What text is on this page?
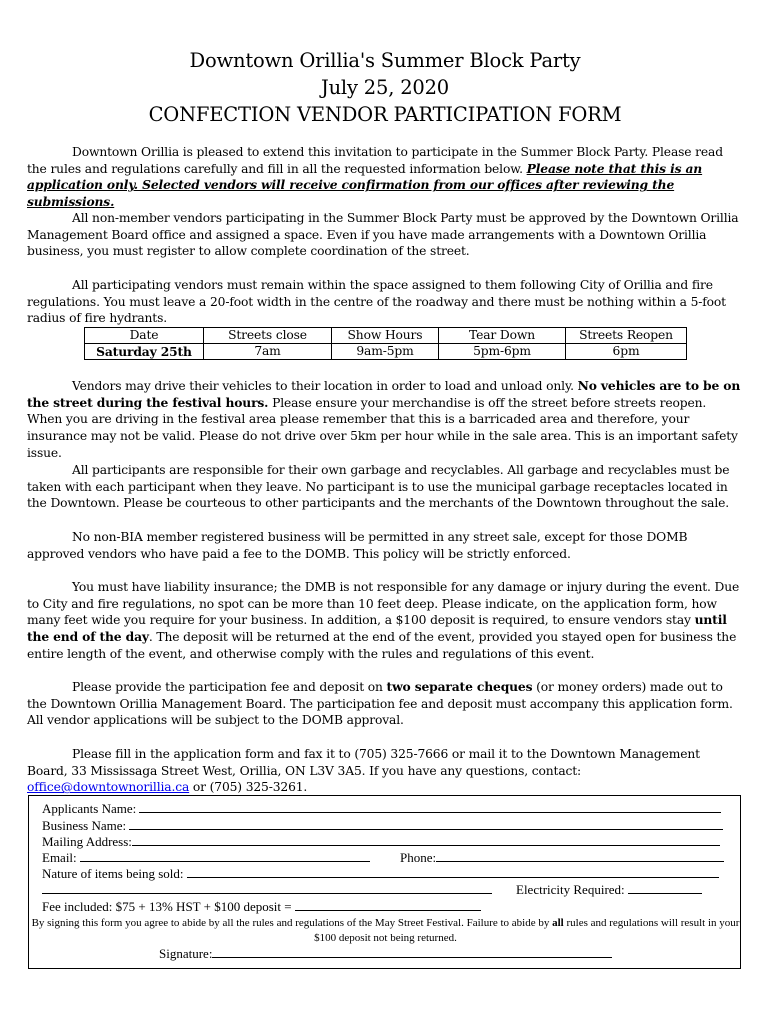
Downtown Orillia's Summer Block Party
July 25, 2020
CONFECTION VENDOR PARTICIPATION FORM
Downtown Orillia is pleased to extend this invitation to participate in the Summer Block Party. Please read the rules and regulations carefully and fill in all the requested information below. Please note that this is an application only. Selected vendors will receive confirmation from our offices after reviewing the submissions.
All non-member vendors participating in the Summer Block Party must be approved by the Downtown Orillia Management Board office and assigned a space. Even if you have made arrangements with a Downtown Orillia business, you must register to allow complete coordination of the street.
All participating vendors must remain within the space assigned to them following City of Orillia and fire regulations. You must leave a 20-foot width in the centre of the roadway and there must be nothing within a 5-foot radius of fire hydrants.
Date	Streets close	Show Hours	Tear Down	Streets Reopen
Saturday 25th	7am	9am-5pm	5pm-6pm	6pm
Vendors may drive their vehicles to their location in order to load and unload only. No vehicles are to be on the street during the festival hours. Please ensure your merchandise is off the street before streets reopen. When you are driving in the festival area please remember that this is a barricaded area and therefore, your insurance may not be valid. Please do not drive over 5km per hour while in the sale area. This is an important safety issue.
All participants are responsible for their own garbage and recyclables. All garbage and recyclables must be taken with each participant when they leave. No participant is to use the municipal garbage receptacles located in the Downtown. Please be courteous to other participants and the merchants of the Downtown throughout the sale.
No non-BIA member registered business will be permitted in any street sale, except for those DOMB approved vendors who have paid a fee to the DOMB. This policy will be strictly enforced.
You must have liability insurance; the DMB is not responsible for any damage or injury during the event. Due to City and fire regulations, no spot can be more than 10 feet deep. Please indicate, on the application form, how many feet wide you require for your business. In addition, a $100 deposit is required, to ensure vendors stay until the end of the day. The deposit will be returned at the end of the event, provided you stayed open for business the entire length of the event, and otherwise comply with the rules and regulations of this event.
Please provide the participation fee and deposit on two separate cheques (or money orders) made out to the Downtown Orillia Management Board. The participation fee and deposit must accompany this application form. All vendor applications will be subject to the DOMB approval.
Please fill in the application form and fax it to (705) 325-7666 or mail it to the Downtown Management Board, 33 Mississaga Street West, Orillia, ON L3V 3A5. If you have any questions, contact: office@downtownorillia.ca or (705) 325-3261.
Applicants Name:
Business Name:
Mailing Address:
Email:	Phone:
Nature of items being sold:
Electricity Required:
Fee included: $75 + 13% HST + $100 deposit =
By signing this form you agree to abide by all the rules and regulations of the May Street Festival. Failure to abide by all rules and regulations will result in your $100 deposit not being returned.
Signature:
